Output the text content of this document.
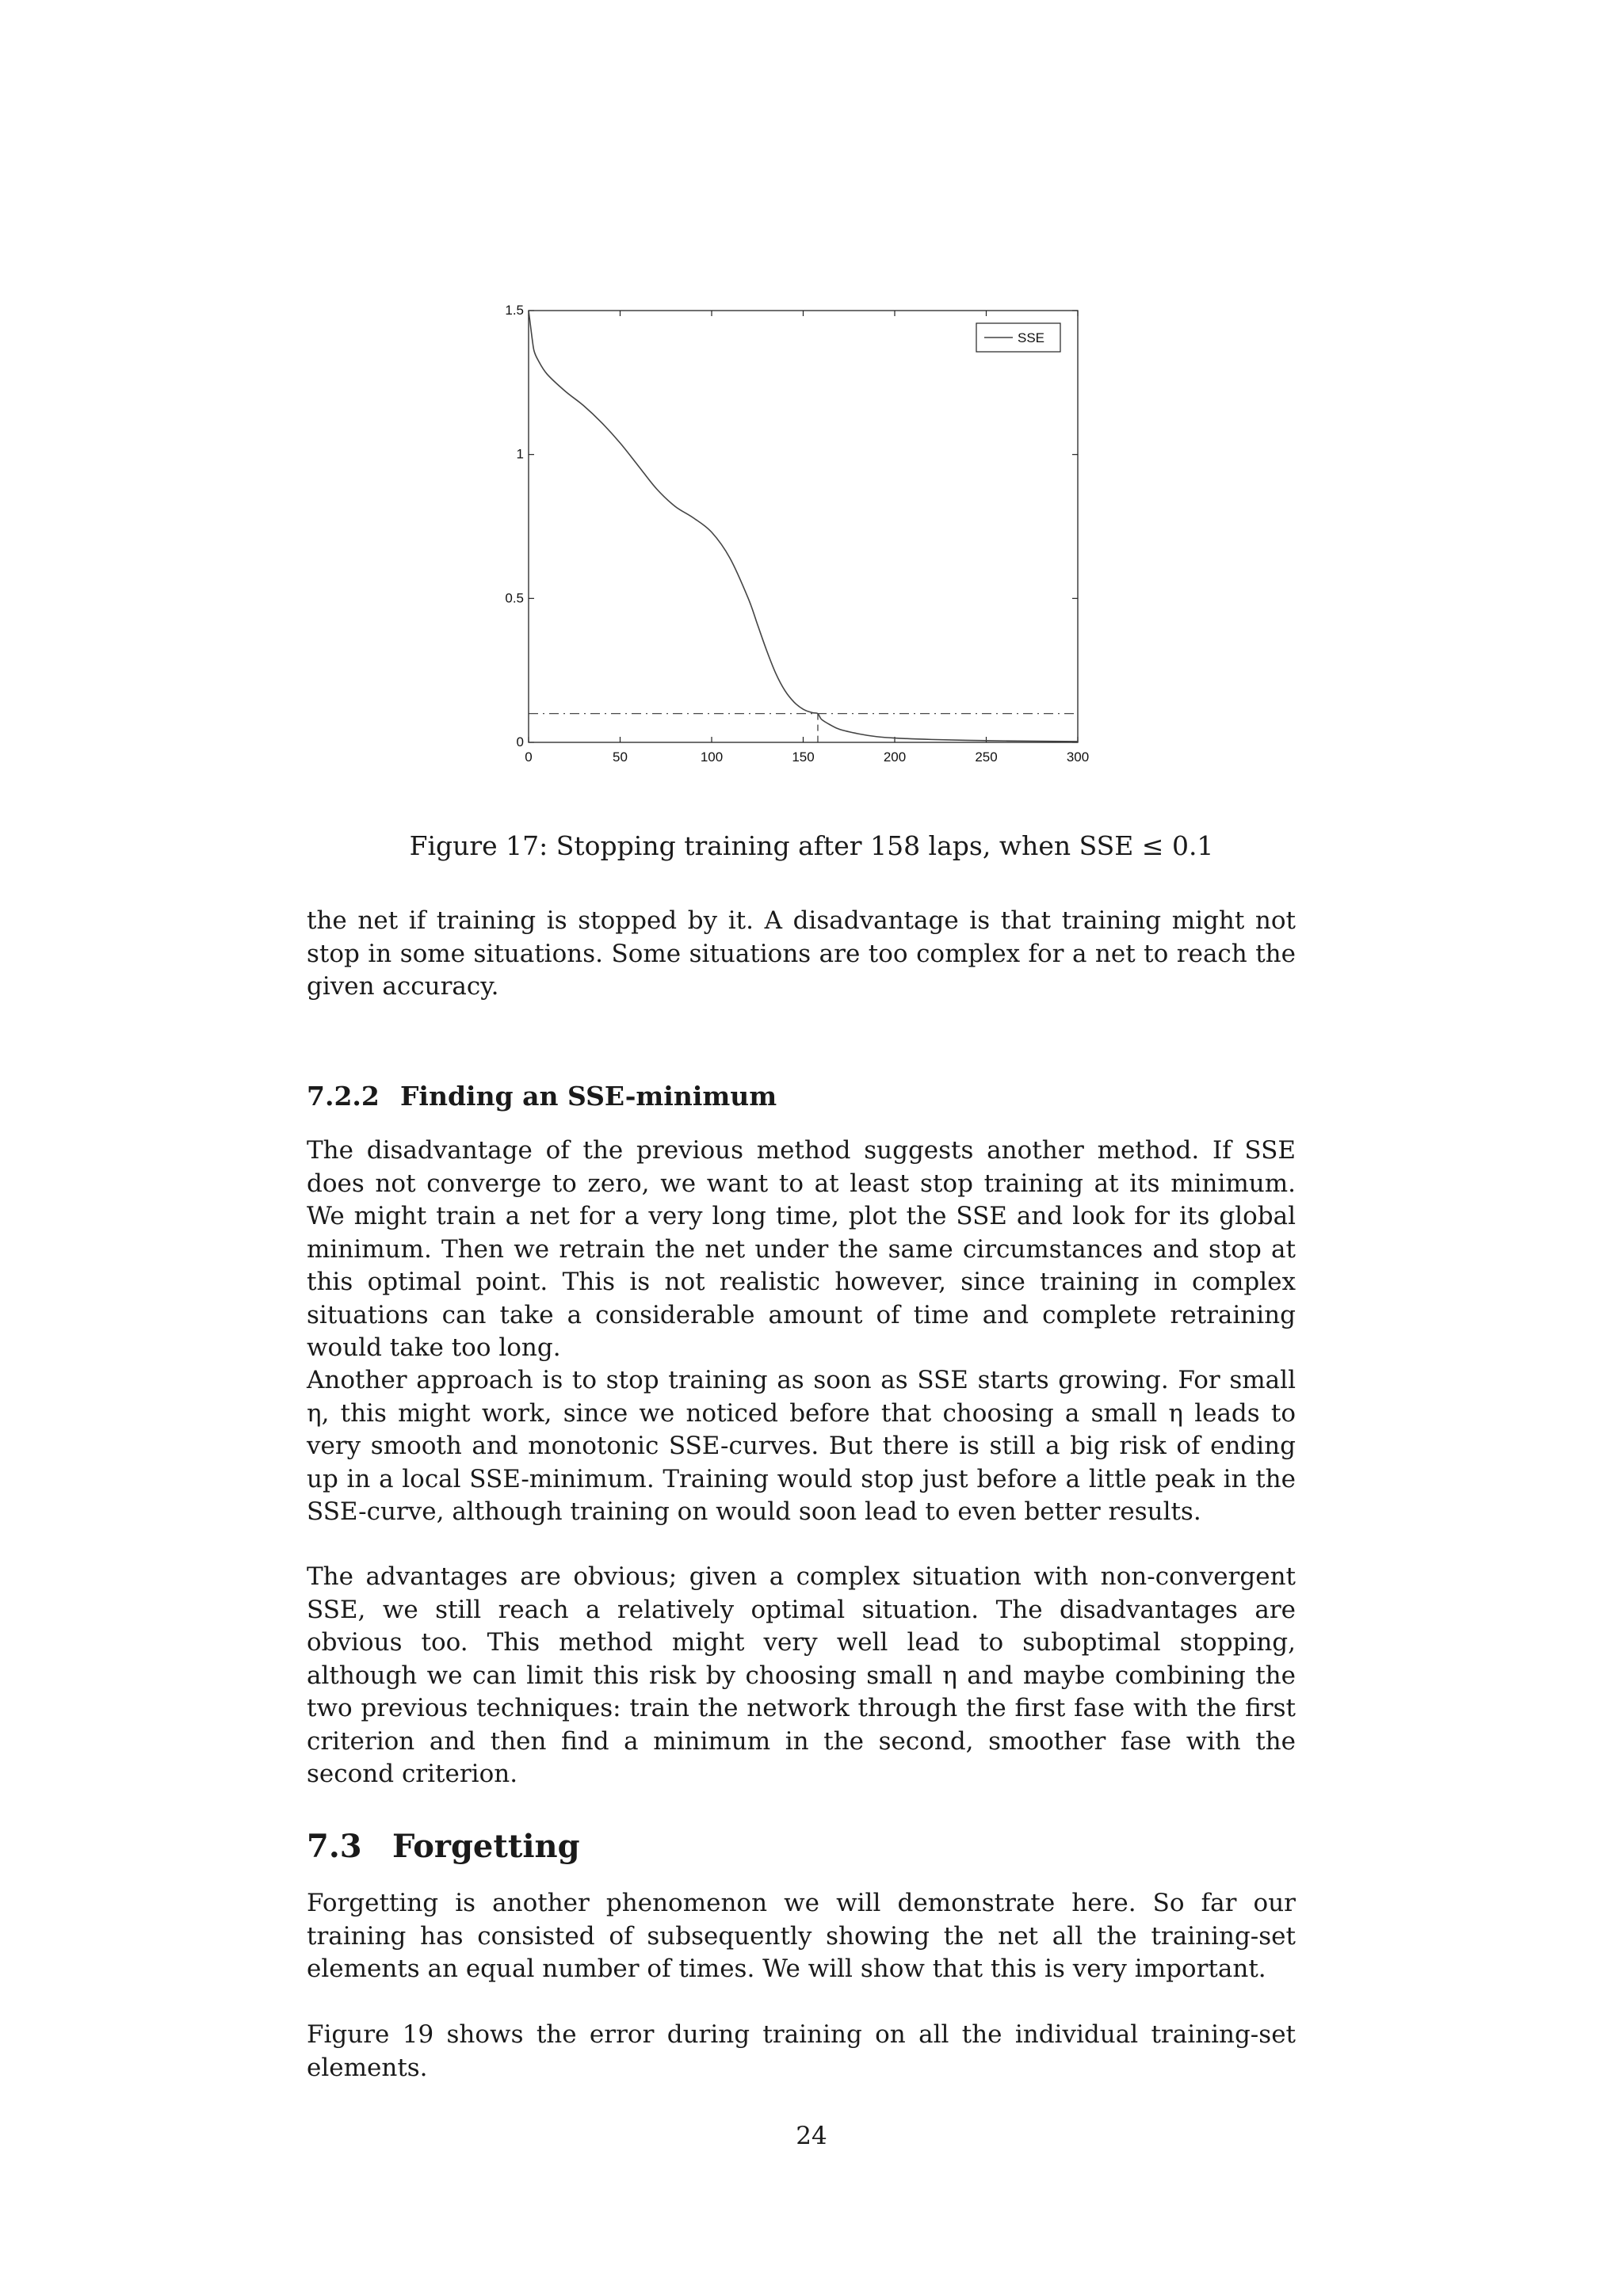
0	50	100	150	200	250	300
0
0.5
1
1.5
SSE
Figure 17: Stopping training after 158 laps, when SSE ≤ 0.1

the net if training is stopped by it. A disadvantage is that training might not stop in some situations. Some situations are too complex for a net to reach the given accuracy.

7.2.2 Finding an SSE-minimum

The disadvantage of the previous method suggests another method. If SSE does not converge to zero, we want to at least stop training at its minimum. We might train a net for a very long time, plot the SSE and look for its global minimum. Then we retrain the net under the same circumstances and stop at this optimal point. This is not realistic however, since training in complex situations can take a considerable amount of time and complete retraining would take too long.

Another approach is to stop training as soon as SSE starts growing. For small η, this might work, since we noticed before that choosing a small η leads to very smooth and monotonic SSE-curves. But there is still a big risk of ending up in a local SSE-minimum. Training would stop just before a little peak in the SSE-curve, although training on would soon lead to even better results.

The advantages are obvious; given a complex situation with non-convergent SSE, we still reach a relatively optimal situation. The disadvantages are obvious too. This method might very well lead to suboptimal stopping, although we can limit this risk by choosing small η and maybe combining the two previous techniques: train the network through the first fase with the first criterion and then find a minimum in the second, smoother fase with the second criterion.

7.3 Forgetting

Forgetting is another phenomenon we will demonstrate here. So far our training has consisted of subsequently showing the net all the training-set elements an equal number of times. We will show that this is very important.

Figure 19 shows the error during training on all the individual training-set elements.

24
